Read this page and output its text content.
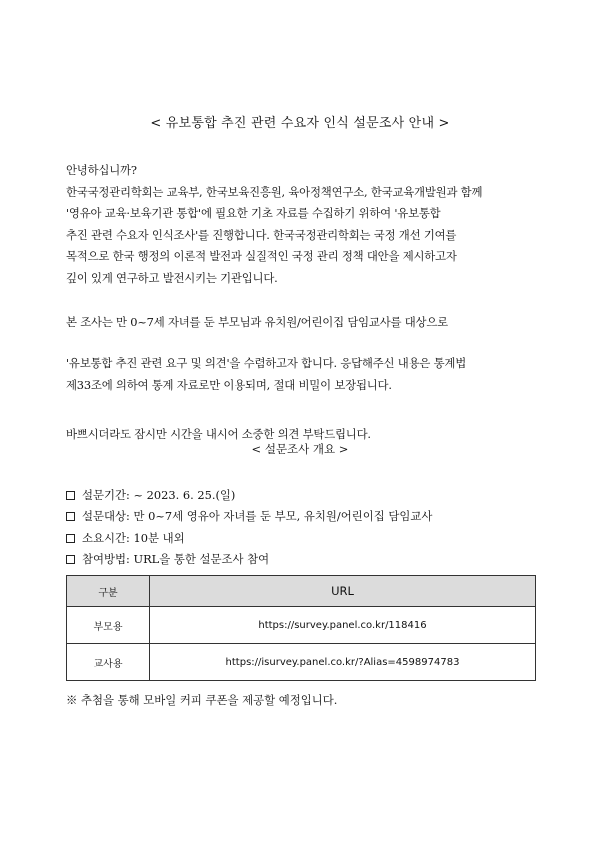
< 유보통합 추진 관련 수요자 인식 설문조사 안내 >

안녕하십니까?
한국국정관리학회는 교육부, 한국보육진흥원, 육아정책연구소, 한국교육개발원과 함께
'영유아 교육·보육기관 통합'에 필요한 기초 자료를 수집하기 위하여 '유보통합
추진 관련 수요자 인식조사'를 진행합니다. 한국국정관리학회는 국정 개선 기여를
목적으로 한국 행정의 이론적 발전과 실질적인 국정 관리 정책 대안을 제시하고자
깊이 있게 연구하고 발전시키는 기관입니다.

본 조사는 만 0~7세 자녀를 둔 부모님과 유치원/어린이집 담임교사를 대상으로

'유보통합 추진 관련 요구 및 의견'을 수렴하고자 합니다. 응답해주신 내용은 통계법
제33조에 의하여 통계 자료로만 이용되며, 절대 비밀이 보장됩니다.

바쁘시더라도 잠시만 시간을 내시어 소중한 의견 부탁드립니다.

< 설문조사 개요 >
설문기간: ~ 2023. 6. 25.(일)
설문대상: 만 0~7세 영유아 자녀를 둔 부모, 유치원/어린이집 담임교사
소요시간: 10분 내외
참여방법: URL을 통한 설문조사 참여
구분	URL
부모용	https://survey.panel.co.kr/118416
교사용	https://isurvey.panel.co.kr/?Alias=4598974783
※ 추첨을 통해 모바일 커피 쿠폰을 제공할 예정입니다.
